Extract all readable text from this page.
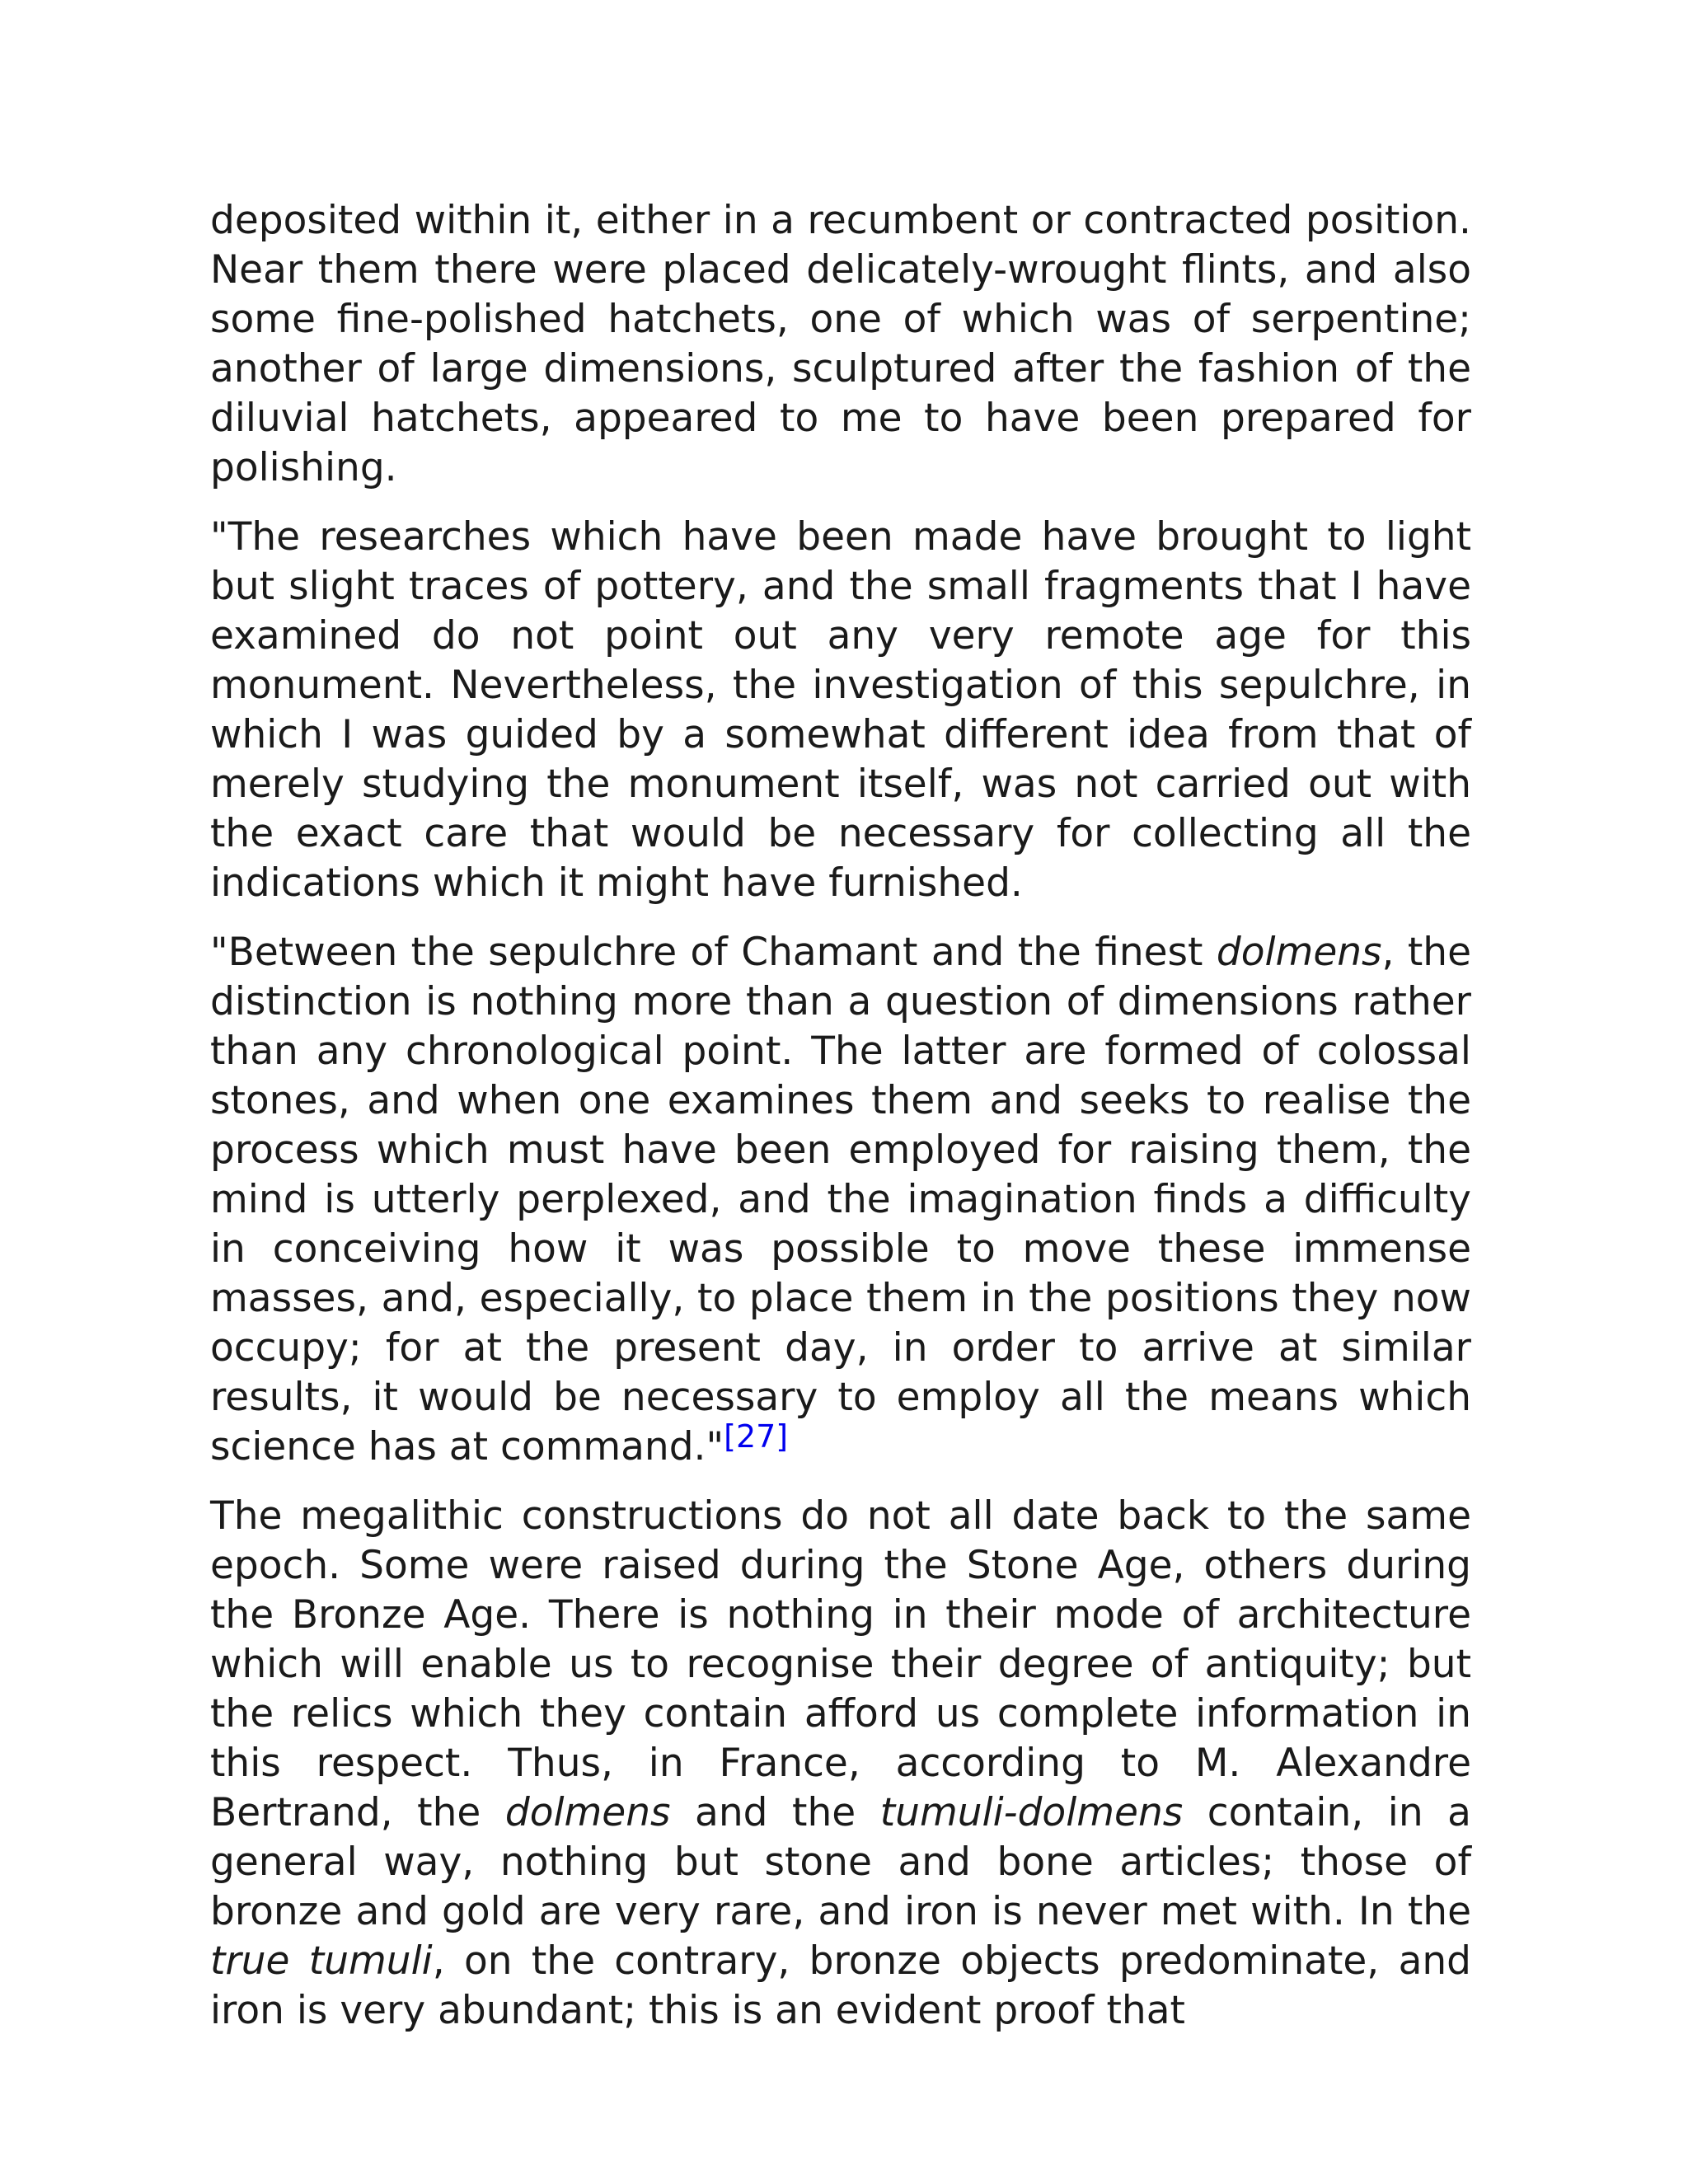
deposited within it, either in a recumbent or contracted position. Near them there were placed delicately-wrought flints, and also some fine-polished hatchets, one of which was of serpentine; another of large dimensions, sculptured after the fashion of the diluvial hatchets, appeared to me to have been prepared for polishing.

"The researches which have been made have brought to light but slight traces of pottery, and the small fragments that I have examined do not point out any very remote age for this monument. Nevertheless, the investigation of this sepulchre, in which I was guided by a somewhat different idea from that of merely studying the monument itself, was not carried out with the exact care that would be necessary for collecting all the indications which it might have furnished.

"Between the sepulchre of Chamant and the finest dolmens, the distinction is nothing more than a question of dimensions rather than any chronological point. The latter are formed of colossal stones, and when one examines them and seeks to realise the process which must have been employed for raising them, the mind is utterly perplexed, and the imagination finds a difficulty in conceiving how it was possible to move these immense masses, and, especially, to place them in the positions they now occupy; for at the present day, in order to arrive at similar results, it would be necessary to employ all the means which science has at command."[27]

The megalithic constructions do not all date back to the same epoch. Some were raised during the Stone Age, others during the Bronze Age. There is nothing in their mode of architecture which will enable us to recognise their degree of antiquity; but the relics which they contain afford us complete information in this respect. Thus, in France, according to M. Alexandre Bertrand, the dolmens and the tumuli-dolmens contain, in a general way, nothing but stone and bone articles; those of bronze and gold are very rare, and iron is never met with. In the true tumuli, on the contrary, bronze objects predominate, and iron is very abundant; this is an evident proof that
